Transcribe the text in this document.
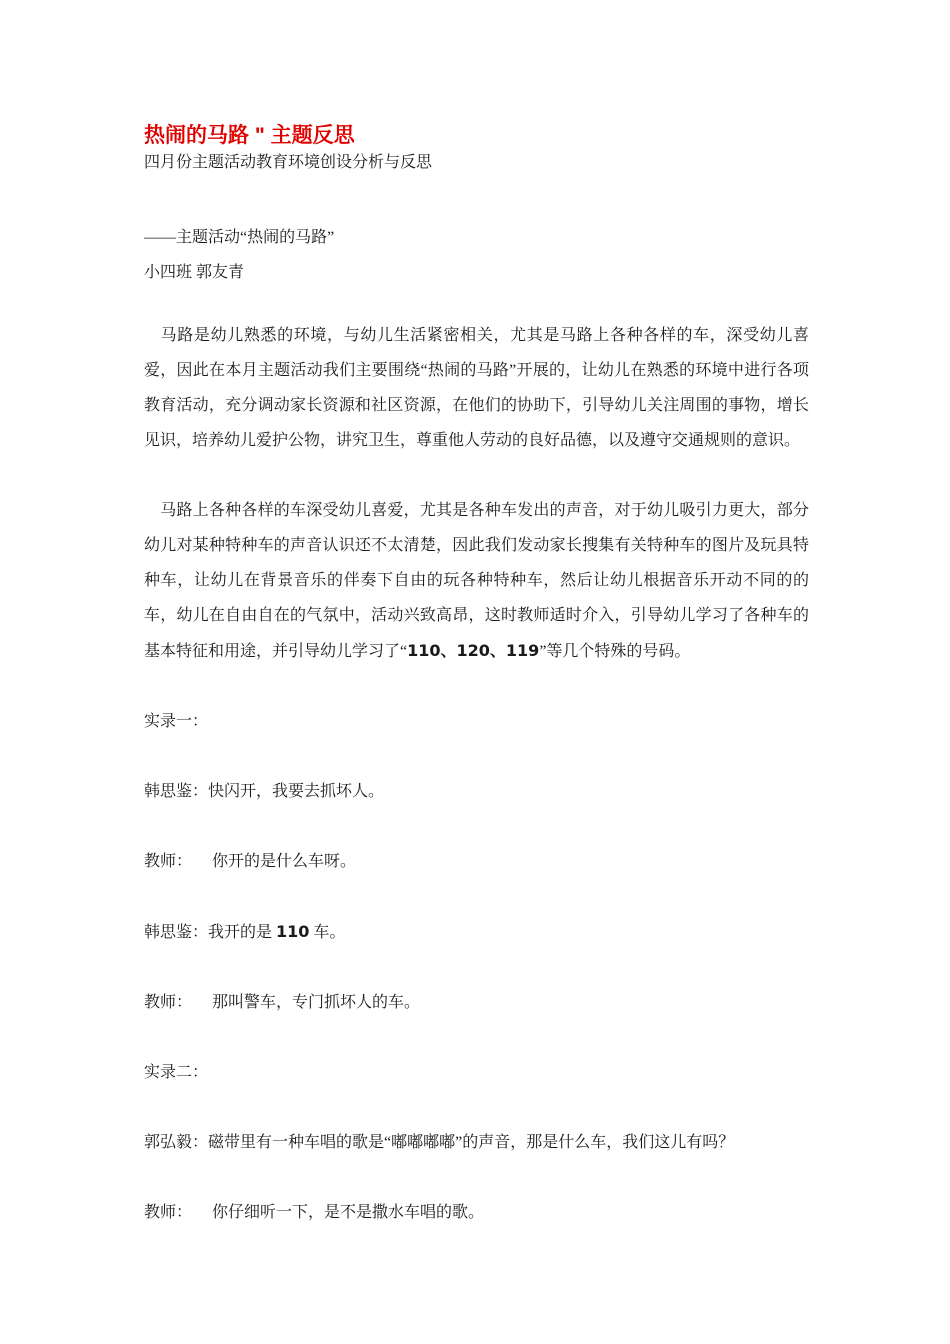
热闹的马路 " 主题反思

四月份主题活动教育环境创设分析与反思

——主题活动“热闹的马路”

小四班 郭友青

　马路是幼儿熟悉的环境，与幼儿生活紧密相关，尤其是马路上各种各样的车，深受幼儿喜爱，因此在本月主题活动我们主要围绕“热闹的马路”开展的，让幼儿在熟悉的环境中进行各项教育活动，充分调动家长资源和社区资源，在他们的协助下，引导幼儿关注周围的事物，增长见识，培养幼儿爱护公物，讲究卫生，尊重他人劳动的良好品德，以及遵守交通规则的意识。

　马路上各种各样的车深受幼儿喜爱，尤其是各种车发出的声音，对于幼儿吸引力更大，部分幼儿对某种特种车的声音认识还不太清楚，因此我们发动家长搜集有关特种车的图片及玩具特种车，让幼儿在背景音乐的伴奏下自由的玩各种特种车，然后让幼儿根据音乐开动不同的的车，幼儿在自由自在的气氛中，活动兴致高昂，这时教师适时介入，引导幼儿学习了各种车的基本特征和用途，并引导幼儿学习了“110、120、119”等几个特殊的号码。

实录一：

韩思鉴：快闪开，我要去抓坏人。

教师：     你开的是什么车呀。

韩思鉴：我开的是 110 车。

教师：     那叫警车，专门抓坏人的车。

实录二：

郭弘毅：磁带里有一种车唱的歌是“嘟嘟嘟嘟”的声音，那是什么车，我们这儿有吗？

教师：     你仔细听一下，是不是撒水车唱的歌。
